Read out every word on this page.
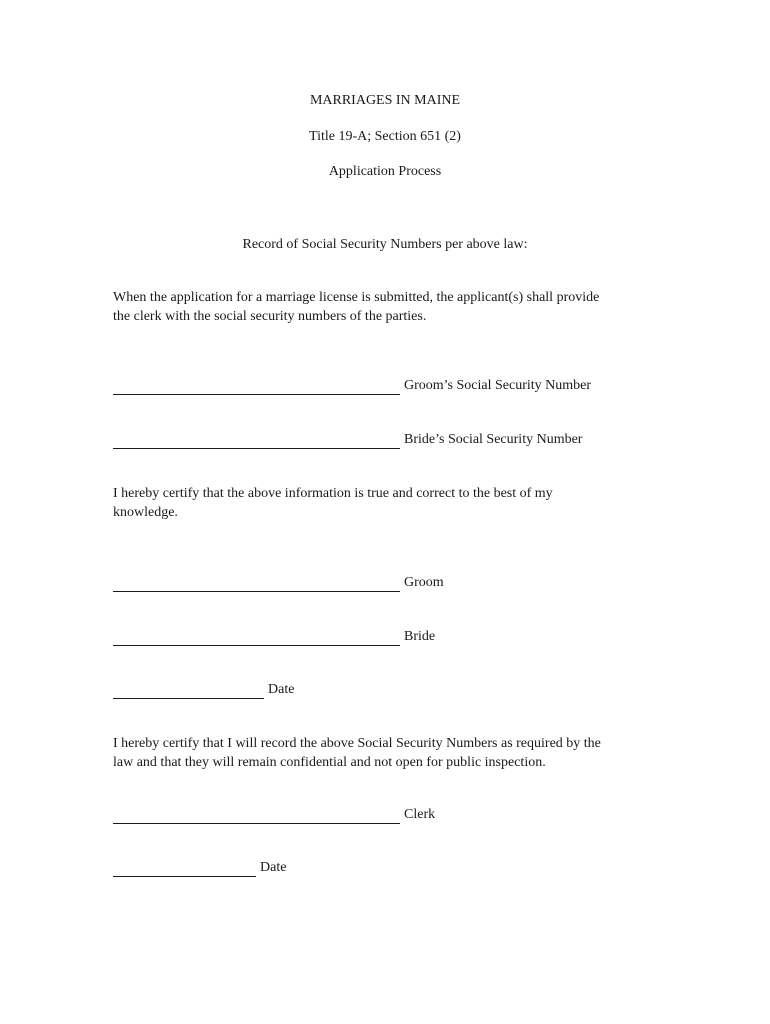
MARRIAGES IN MAINE
Title 19-A; Section 651 (2)
Application Process
Record of Social Security Numbers per above law:
When the application for a marriage license is submitted, the applicant(s) shall provide
the clerk with the social security numbers of the parties.
Groom’s Social Security Number
Bride’s Social Security Number
I hereby certify that the above information is true and correct to the best of my
knowledge.
Groom
Bride
Date
I hereby certify that I will record the above Social Security Numbers as required by the
law and that they will remain confidential and not open for public inspection.
Clerk
Date
